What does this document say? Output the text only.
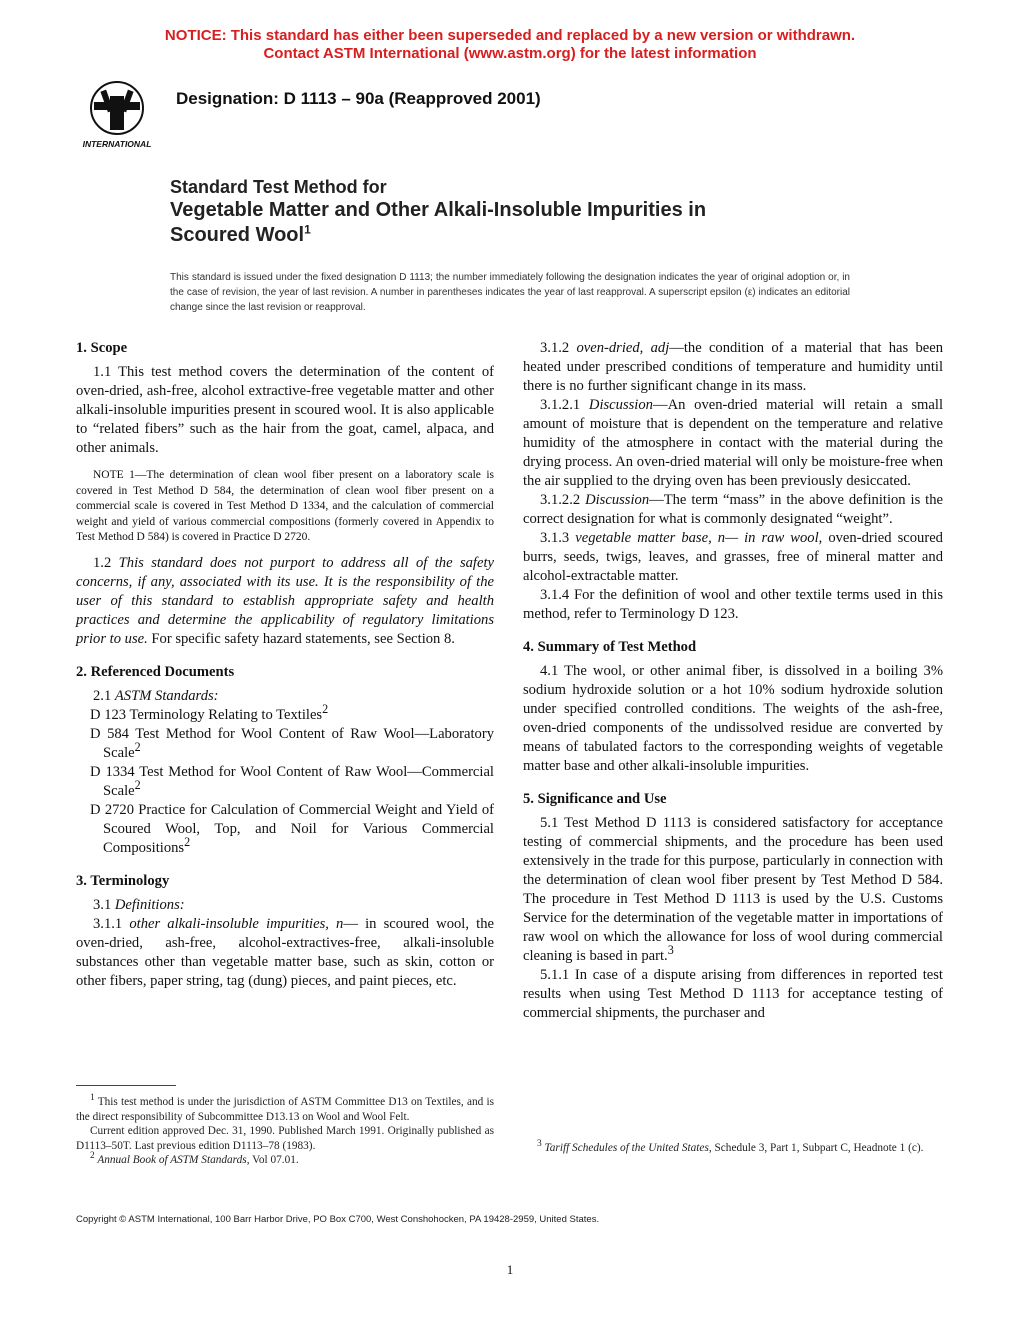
NOTICE: This standard has either been superseded and replaced by a new version or withdrawn.
Contact ASTM International (www.astm.org) for the latest information
INTERNATIONAL
Designation: D 1113 – 90a (Reapproved 2001)
Standard Test Method for
Vegetable Matter and Other Alkali-Insoluble Impurities in
Scoured Wool$^1$
This standard is issued under the fixed designation D 1113; the number immediately following the designation indicates the year of original adoption or, in the case of revision, the year of last revision. A number in parentheses indicates the year of last reapproval. A superscript epsilon (ε) indicates an editorial change since the last revision or reapproval.
1. Scope

1.1 This test method covers the determination of the content of oven-dried, ash-free, alcohol extractive-free vegetable matter and other alkali-insoluble impurities present in scoured wool. It is also applicable to “related fibers” such as the hair from the goat, camel, alpaca, and other animals.

NOTE 1—The determination of clean wool fiber present on a laboratory scale is covered in Test Method D 584, the determination of clean wool fiber present on a commercial scale is covered in Test Method D 1334, and the calculation of commercial weight and yield of various commercial compositions (formerly covered in Appendix to Test Method D 584) is covered in Practice D 2720.

1.2 This standard does not purport to address all of the safety concerns, if any, associated with its use. It is the responsibility of the user of this standard to establish appropriate safety and health practices and determine the applicability of regulatory limitations prior to use. For specific safety hazard statements, see Section 8.

2. Referenced Documents

2.1 ASTM Standards:

D 123 Terminology Relating to Textiles$^2$

D 584 Test Method for Wool Content of Raw Wool—Laboratory Scale$^2$

D 1334 Test Method for Wool Content of Raw Wool—Commercial Scale$^2$

D 2720 Practice for Calculation of Commercial Weight and Yield of Scoured Wool, Top, and Noil for Various Commercial Compositions$^2$

3. Terminology

3.1 Definitions:

3.1.1 other alkali-insoluble impurities, n— in scoured wool, the oven-dried, ash-free, alcohol-extractives-free, alkali-insoluble substances other than vegetable matter base, such as skin, cotton or other fibers, paper string, tag (dung) pieces, and paint pieces, etc.

3.1.2 oven-dried, adj—the condition of a material that has been heated under prescribed conditions of temperature and humidity until there is no further significant change in its mass.

3.1.2.1 Discussion—An oven-dried material will retain a small amount of moisture that is dependent on the temperature and relative humidity of the atmosphere in contact with the material during the drying process. An oven-dried material will only be moisture-free when the air supplied to the drying oven has been previously desiccated.

3.1.2.2 Discussion—The term “mass” in the above definition is the correct designation for what is commonly designated “weight”.

3.1.3 vegetable matter base, n— in raw wool, oven-dried scoured burrs, seeds, twigs, leaves, and grasses, free of mineral matter and alcohol-extractable matter.

3.1.4 For the definition of wool and other textile terms used in this method, refer to Terminology D 123.

4. Summary of Test Method

4.1 The wool, or other animal fiber, is dissolved in a boiling 3% sodium hydroxide solution or a hot 10% sodium hydroxide solution under specified controlled conditions. The weights of the ash-free, oven-dried components of the undissolved residue are converted by means of tabulated factors to the corresponding weights of vegetable matter base and other alkali-insoluble impurities.

5. Significance and Use

5.1 Test Method D 1113 is considered satisfactory for acceptance testing of commercial shipments, and the procedure has been used extensively in the trade for this purpose, particularly in connection with the determination of clean wool fiber present by Test Method D 584. The procedure in Test Method D 1113 is used by the U.S. Customs Service for the determination of the vegetable matter in importations of raw wool on which the allowance for loss of wool during commercial cleaning is based in part.$^3$

5.1.1 In case of a dispute arising from differences in reported test results when using Test Method D 1113 for acceptance testing of commercial shipments, the purchaser and

$^1$ This test method is under the jurisdiction of ASTM Committee D13 on Textiles, and is the direct responsibility of Subcommittee D13.13 on Wool and Wool Felt.

Current edition approved Dec. 31, 1990. Published March 1991. Originally published as D1113–50T. Last previous edition D1113–78 (1983).

$^2$ Annual Book of ASTM Standards, Vol 07.01.

$^3$ Tariff Schedules of the United States, Schedule 3, Part 1, Subpart C, Headnote 1 (c).

Copyright © ASTM International, 100 Barr Harbor Drive, PO Box C700, West Conshohocken, PA 19428-2959, United States.
1
